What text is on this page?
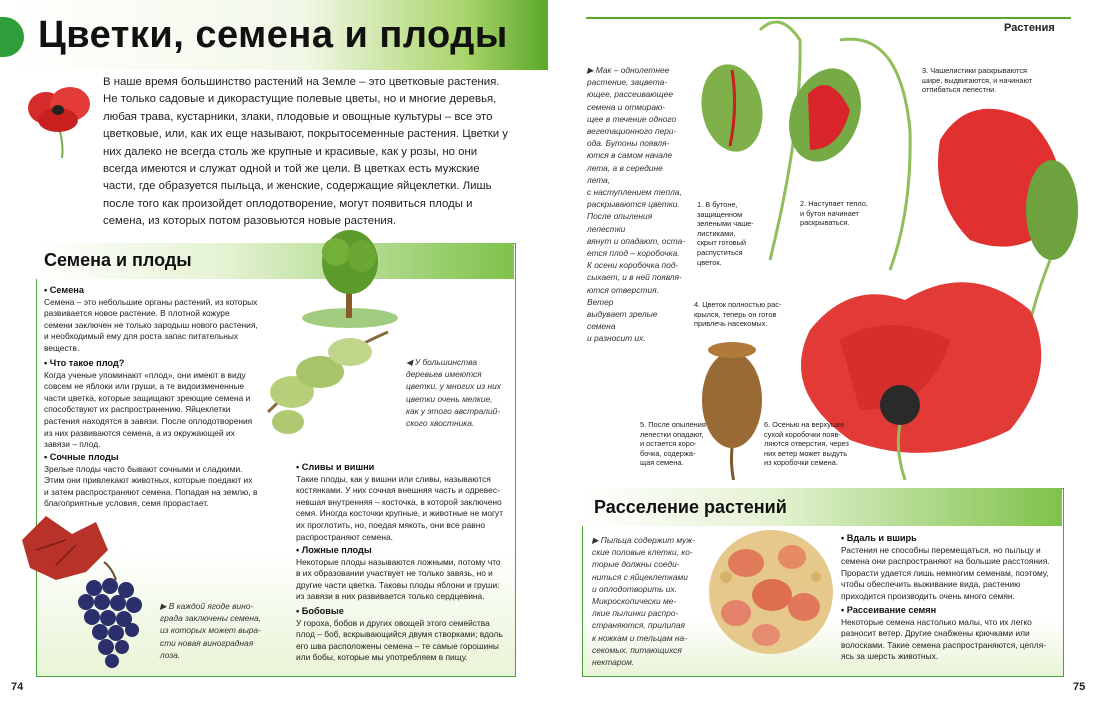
Цветки, семена и плоды
В наше время большинство растений на Земле – это цветковые растения. Не только садовые и дикорастущие полевые цветы, но и многие деревья, любая трава, кустарники, злаки, плодовые и овощные культуры – все это цветковые, или, как их еще называют, покрытосеменные растения. Цветки у них далеко не всегда столь же крупные и красивые, как у розы, но они всегда имеются и служат одной и той же цели. В цветках есть мужские части, где образуется пыльца, и женские, содержащие яйцеклетки. Лишь после того как произойдет оплодотворение, могут появиться плоды и семена, из которых потом разовьются новые растения.
Семена и плоды
• Семена
Семена – это небольшие органы растений, из которых развивается новое растение. В плотной кожуре семени заключен не только зародыш нового растения, и необходимый ему для роста запас питательных веществ.
• Что такое плод?
Когда ученые упоминают «плод», они имеют в виду совсем не яблоки или груши, а те видоизмененные части цветка, которые защищают зреющие семена и способствуют их распространению. Яйцеклетки растения находятся в завязи. После оплодотворения из них развиваются семена, а из окружающей их завязи – плод.
• Сочные плоды
Зрелые плоды часто бывают сочными и сладкими. Этим они привлекают животных, которые поедают их и затем распространяют семена. Попадая на землю, в благоприятные условия, семя прорастает.
• Сливы и вишни
Такие плоды, как у вишни или сливы, называются костянками. У них сочная внешняя часть и одревесневшая внутренняя – косточка, в которой заключено семя. Иногда косточки крупные, и животные не могут их проглотить, но, поедая мякоть, они все равно распространяют семена.
• Ложные плоды
Некоторые плоды называются ложными, потому что в их образовании участвует не только завязь, но и другие части цветка. Таковы плоды яблони и груши: из завязи в них развивается только сердцевина.
• Бобовые
У гороха, бобов и других овощей этого семейства плод – боб, вскрывающийся двумя створками; вдоль его шва расположены семена – те самые горошины или бобы, которые мы употребляем в пищу.
◀ У большинства
деревьев имеются
цветки, у многих из них
цветки очень мелкие,
как у этого австралий-
ского хвостника.
▶ В каждой ягоде вино-
града заключены семена,
из которых может выра-
сти новая виноградная
лоза.
74
Растения
▶ Мак – однолетнее
растение, зацвета-
ющее, рассеивающее
семена и отмираю-
щее в течение одного
вегетационного пери-
ода. Бутоны появля-
ются в самом начале
лета, а в середине лета,
с наступлением тепла,
раскрываются цветки.
После опыления лепестки
вянут и опадают, оста-
ется плод – коробочка.
К осени коробочка под-
сыхает, и в ней появля-
ются отверстия. Ветер
выдувает зрелые семена
и разносит их.
1. В бутоне,
защищенном
зелеными чаше-
листиками,
скрыт готовый
распуститься
цветок.
2. Наступает тепло,
и бутон начинает
раскрываться.
3. Чашелистики раскрываются
шире, выдвигаются, и начинают
отпибаться лепестни.
4. Цветок полностью рас-
крылся, теперь он готов
привлечь насекомых.
5. После опыления
лепестки опадают,
и остается коро-
бочка, содержа-
щая семена.
6. Осенью на верхушке
сухой коробочки появ-
ляются отверстия, через
них ветер может выдуть
из коробочки семена.
Расселение растений
▶ Пыльца содержит муж-
ские половые клетки, ко-
торые должны соеди-
ниться с яйцеклетками
и оплодотворить их.
Микроскопически ме-
лкие пылинки распро-
страняются, прилипая
к ножкам и тельцам на-
секомых, питающихся
нектаром.
• Вдаль и вширь
Растения не способны перемещаться, но пыльцу и семена они распространяют на большие расстояния. Прорасти удается лишь немногим семенам, поэтому, чтобы обеспечить выживание вида, растению приходится производить очень много семян.
• Рассеивание семян
Некоторые семена настолько малы, что их легко разносит ветер. Другие снабжены крючками или волосками. Такие семена распространяются, цепляясь за шерсть животных.
75
